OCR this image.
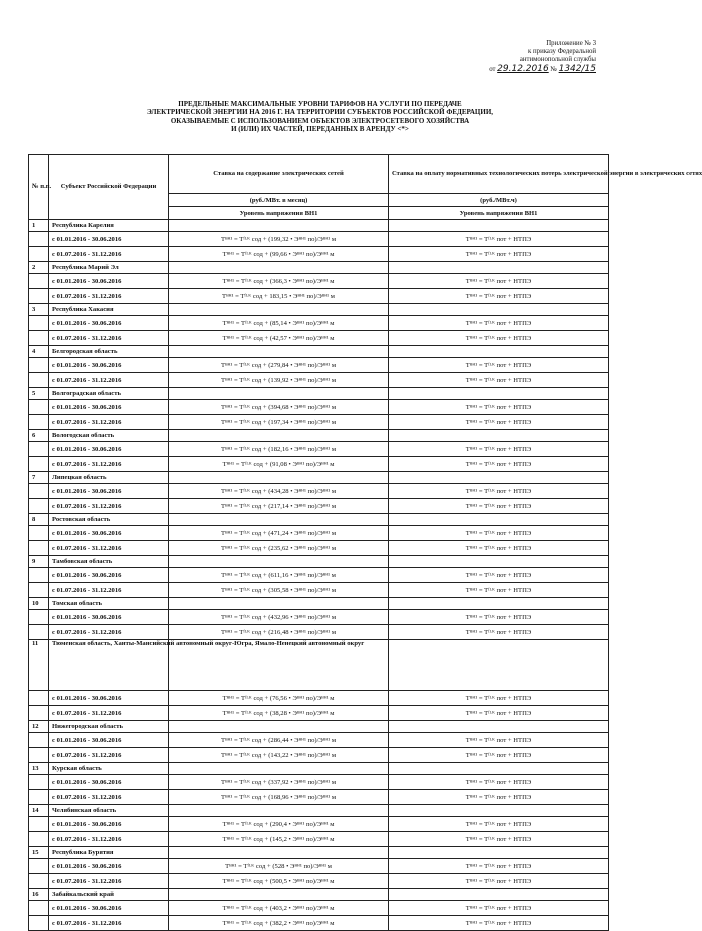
Приложение № 3
к приказу Федеральной
антимонопольной службы
от 29.12.2016 № 1342/15
ПРЕДЕЛЬНЫЕ МАКСИМАЛЬНЫЕ УРОВНИ ТАРИФОВ НА УСЛУГИ ПО ПЕРЕДАЧЕ
ЭЛЕКТРИЧЕСКОЙ ЭНЕРГИИ НА 2016 Г. НА ТЕРРИТОРИИ СУБЪЕКТОВ РОССИЙСКОЙ ФЕДЕРАЦИИ,
ОКАЗЫВАЕМЫЕ С ИСПОЛЬЗОВАНИЕМ ОБЪЕКТОВ ЭЛЕКТРОСЕТЕВОГО ХОЗЯЙСТВА
И (ИЛИ) ИХ ЧАСТЕЙ, ПЕРЕДАННЫХ В АРЕНДУ <*>
№ п.п.	Субъект Российской Федерации	Ставка на содержание электрических сетей	Ставка на оплату нормативных технологических потерь электрической энергии в электрических сетях
		(руб./МВт. в месяц)	(руб./МВт.ч)
		Уровень напряжения ВН1	Уровень напряжения ВН1
1	Республика Карелия		
	с 01.01.2016 - 30.06.2016	Tᴮᴴ¹ = Tᶠᴸᴷ сод + (199,32 • Эᴮᴴ¹ по)/Эᴮᴴ¹ м	Tᴮᴴ¹ = Tᶠᴸᴷ пот + НТПЭ
	с 01.07.2016 - 31.12.2016	Tᴮᴴ¹ = Tᶠᴸᴷ сод + (99,66 • Эᴮᴴ¹ по)/Эᴮᴴ¹ м	Tᴮᴴ¹ = Tᶠᴸᴷ пот + НТПЭ
2	Республика Марий Эл		
	с 01.01.2016 - 30.06.2016	Tᴮᴴ¹ = Tᶠᴸᴷ сод + (366,3 • Эᴮᴴ¹ по)/Эᴮᴴ¹ м	Tᴮᴴ¹ = Tᶠᴸᴷ пот + НТПЭ
	с 01.07.2016 - 31.12.2016	Tᴮᴴ¹ = Tᶠᴸᴷ сод + 183,15 • Эᴮᴴ¹ по)/Эᴮᴴ¹ м	Tᴮᴴ¹ = Tᶠᴸᴷ пот + НТПЭ
3	Республика Хакасия		
	с 01.01.2016 - 30.06.2016	Tᴮᴴ¹ = Tᶠᴸᴷ сод + (85,14 • Эᴮᴴ¹ по)/Эᴮᴴ¹ м	Tᴮᴴ¹ = Tᶠᴸᴷ пот + НТПЭ
	с 01.07.2016 - 31.12.2016	Tᴮᴴ¹ = Tᶠᴸᴷ сод + (42,57 • Эᴮᴴ¹ по)/Эᴮᴴ¹ м	Tᴮᴴ¹ = Tᶠᴸᴷ пот + НТПЭ
4	Белгородская область		
	с 01.01.2016 - 30.06.2016	Tᴮᴴ¹ = Tᶠᴸᴷ сод + (279,84 • Эᴮᴴ¹ по)/Эᴮᴴ¹ м	Tᴮᴴ¹ = Tᶠᴸᴷ пот + НТПЭ
	с 01.07.2016 - 31.12.2016	Tᴮᴴ¹ = Tᶠᴸᴷ сод + (139,92 • Эᴮᴴ¹ по)/Эᴮᴴ¹ м	Tᴮᴴ¹ = Tᶠᴸᴷ пот + НТПЭ
5	Волгоградская область		
	с 01.01.2016 - 30.06.2016	Tᴮᴴ¹ = Tᶠᴸᴷ сод + (394,68 • Эᴮᴴ¹ по)/Эᴮᴴ¹ м	Tᴮᴴ¹ = Tᶠᴸᴷ пот + НТПЭ
	с 01.07.2016 - 31.12.2016	Tᴮᴴ¹ = Tᶠᴸᴷ сод + (197,34 • Эᴮᴴ¹ по)/Эᴮᴴ¹ м	Tᴮᴴ¹ = Tᶠᴸᴷ пот + НТПЭ
6	Вологодская область		
	с 01.01.2016 - 30.06.2016	Tᴮᴴ¹ = Tᶠᴸᴷ сод + (182,16 • Эᴮᴴ¹ по)/Эᴮᴴ¹ м	Tᴮᴴ¹ = Tᶠᴸᴷ пот + НТПЭ
	с 01.07.2016 - 31.12.2016	Tᴮᴴ¹ = Tᶠᴸᴷ сод + (91,08 • Эᴮᴴ¹ по)/Эᴮᴴ¹ м	Tᴮᴴ¹ = Tᶠᴸᴷ пот + НТПЭ
7	Липецкая область		
	с 01.01.2016 - 30.06.2016	Tᴮᴴ¹ = Tᶠᴸᴷ сод + (434,28 • Эᴮᴴ¹ по)/Эᴮᴴ¹ м	Tᴮᴴ¹ = Tᶠᴸᴷ пот + НТПЭ
	с 01.07.2016 - 31.12.2016	Tᴮᴴ¹ = Tᶠᴸᴷ сод + (217,14 • Эᴮᴴ¹ по)/Эᴮᴴ¹ м	Tᴮᴴ¹ = Tᶠᴸᴷ пот + НТПЭ
8	Ростовская область		
	с 01.01.2016 - 30.06.2016	Tᴮᴴ¹ = Tᶠᴸᴷ сод + (471,24 • Эᴮᴴ¹ по)/Эᴮᴴ¹ м	Tᴮᴴ¹ = Tᶠᴸᴷ пот + НТПЭ
	с 01.07.2016 - 31.12.2016	Tᴮᴴ¹ = Tᶠᴸᴷ сод + (235,62 • Эᴮᴴ¹ по)/Эᴮᴴ¹ м	Tᴮᴴ¹ = Tᶠᴸᴷ пот + НТПЭ
9	Тамбовская область		
	с 01.01.2016 - 30.06.2016	Tᴮᴴ¹ = Tᶠᴸᴷ сод + (611,16 • Эᴮᴴ¹ по)/Эᴮᴴ¹ м	Tᴮᴴ¹ = Tᶠᴸᴷ пот + НТПЭ
	с 01.07.2016 - 31.12.2016	Tᴮᴴ¹ = Tᶠᴸᴷ сод + (305,58 • Эᴮᴴ¹ по)/Эᴮᴴ¹ м	Tᴮᴴ¹ = Tᶠᴸᴷ пот + НТПЭ
10	Томская область		
	с 01.01.2016 - 30.06.2016	Tᴮᴴ¹ = Tᶠᴸᴷ сод + (432,96 • Эᴮᴴ¹ по)/Эᴮᴴ¹ м	Tᴮᴴ¹ = Tᶠᴸᴷ пот + НТПЭ
	с 01.07.2016 - 31.12.2016	Tᴮᴴ¹ = Tᶠᴸᴷ сод + (216,48 • Эᴮᴴ¹ по)/Эᴮᴴ¹ м	Tᴮᴴ¹ = Tᶠᴸᴷ пот + НТПЭ
11	Тюменская область, Ханты-Мансийский автономный округ-Югра, Ямало-Ненецкий автономный округ		
	с 01.01.2016 - 30.06.2016	Tᴮᴴ¹ = Tᶠᴸᴷ сод + (76,56 • Эᴮᴴ¹ по)/Эᴮᴴ¹ м	Tᴮᴴ¹ = Tᶠᴸᴷ пот + НТПЭ
	с 01.07.2016 - 31.12.2016	Tᴮᴴ¹ = Tᶠᴸᴷ сод + (38,28 • Эᴮᴴ¹ по)/Эᴮᴴ¹ м	Tᴮᴴ¹ = Tᶠᴸᴷ пот + НТПЭ
12	Нижегородская область		
	с 01.01.2016 - 30.06.2016	Tᴮᴴ¹ = Tᶠᴸᴷ сод + (286,44 • Эᴮᴴ¹ по)/Эᴮᴴ¹ м	Tᴮᴴ¹ = Tᶠᴸᴷ пот + НТПЭ
	с 01.07.2016 - 31.12.2016	Tᴮᴴ¹ = Tᶠᴸᴷ сод + (143,22 • Эᴮᴴ¹ по)/Эᴮᴴ¹ м	Tᴮᴴ¹ = Tᶠᴸᴷ пот + НТПЭ
13	Курская область		
	с 01.01.2016 - 30.06.2016	Tᴮᴴ¹ = Tᶠᴸᴷ сод + (337,92 • Эᴮᴴ¹ по)/Эᴮᴴ¹ м	Tᴮᴴ¹ = Tᶠᴸᴷ пот + НТПЭ
	с 01.07.2016 - 31.12.2016	Tᴮᴴ¹ = Tᶠᴸᴷ сод + (168,96 • Эᴮᴴ¹ по)/Эᴮᴴ¹ м	Tᴮᴴ¹ = Tᶠᴸᴷ пот + НТПЭ
14	Челябинская область		
	с 01.01.2016 - 30.06.2016	Tᴮᴴ¹ = Tᶠᴸᴷ сод + (290,4 • Эᴮᴴ¹ по)/Эᴮᴴ¹ м	Tᴮᴴ¹ = Tᶠᴸᴷ пот + НТПЭ
	с 01.07.2016 - 31.12.2016	Tᴮᴴ¹ = Tᶠᴸᴷ сод + (145,2 • Эᴮᴴ¹ по)/Эᴮᴴ¹ м	Tᴮᴴ¹ = Tᶠᴸᴷ пот + НТПЭ
15	Республика Бурятия		
	с 01.01.2016 - 30.06.2016	Tᴮᴴ¹ = Tᶠᴸᴷ сод + (528 • Эᴮᴴ¹ по)/Эᴮᴴ¹ м	Tᴮᴴ¹ = Tᶠᴸᴷ пот + НТПЭ
	с 01.07.2016 - 31.12.2016	Tᴮᴴ¹ = Tᶠᴸᴷ сод + (500,5 • Эᴮᴴ¹ по)/Эᴮᴴ¹ м	Tᴮᴴ¹ = Tᶠᴸᴷ пот + НТПЭ
16	Забайкальский край		
	с 01.01.2016 - 30.06.2016	Tᴮᴴ¹ = Tᶠᴸᴷ сод + (403,2 • Эᴮᴴ¹ по)/Эᴮᴴ¹ м	Tᴮᴴ¹ = Tᶠᴸᴷ пот + НТПЭ
	с 01.07.2016 - 31.12.2016	Tᴮᴴ¹ = Tᶠᴸᴷ сод + (382,2 • Эᴮᴴ¹ по)/Эᴮᴴ¹ м	Tᴮᴴ¹ = Tᶠᴸᴷ пот + НТПЭ
